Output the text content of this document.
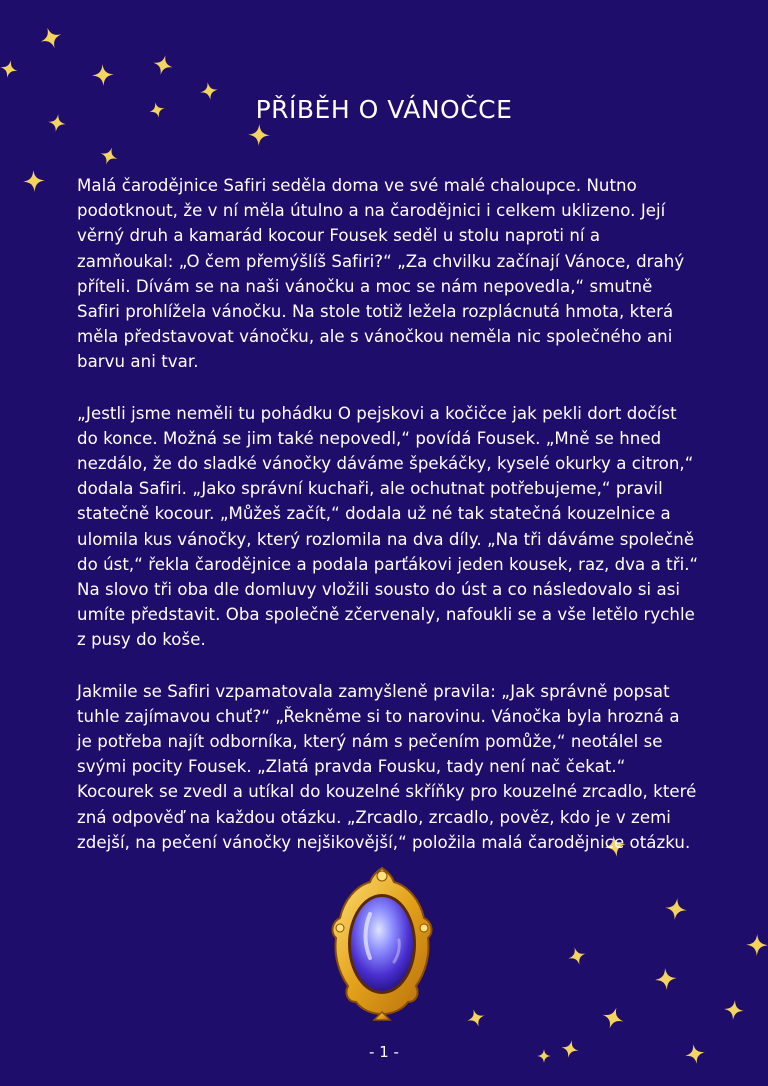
PŘÍBĚH O VÁNOČCE

Malá čarodějnice Safiri seděla doma ve své malé chaloupce. Nutno podotknout, že v ní měla útulno a na čarodějnici i celkem uklizeno. Její věrný druh a kamarád kocour Fousek seděl u stolu naproti ní a zamňoukal: „O čem přemýšlíš Safiri?“ „Za chvilku začínají Vánoce, drahý příteli. Dívám se na naši vánočku a moc se nám nepovedla,“ smutně Safiri prohlížela vánočku. Na stole totiž ležela rozplácnutá hmota, která měla představovat vánočku, ale s vánočkou neměla nic společného ani barvu ani tvar.

„Jestli jsme neměli tu pohádku O pejskovi a kočičce jak pekli dort dočíst do konce. Možná se jim také nepovedl,“ povídá Fousek. „Mně se hned nezdálo, že do sladké vánočky dáváme špekáčky, kyselé okurky a citron,“ dodala Safiri. „Jako správní kuchaři, ale ochutnat potřebujeme,“ pravil statečně kocour. „Můžeš začít,“ dodala už né tak statečná kouzelnice a ulomila kus vánočky, který rozlomila na dva díly. „Na tři dáváme společně do úst,“ řekla čarodějnice a podala parťákovi jeden kousek, raz, dva a tři.“ Na slovo tři oba dle domluvy vložili sousto do úst a co následovalo si asi umíte představit. Oba společně zčervenaly, nafoukli se a vše letělo rychle z pusy do koše.

Jakmile se Safiri vzpamatovala zamyšleně pravila: „Jak správně popsat tuhle zajímavou chuť?“ „Řekněme si to narovinu. Vánočka byla hrozná a je potřeba najít odborníka, který nám s pečením pomůže,“ neotálel se svými pocity Fousek. „Zlatá pravda Fousku, tady není nač čekat.“ Kocourek se zvedl a utíkal do kouzelné skříňky pro kouzelné zrcadlo, které zná odpověď na každou otázku. „Zrcadlo, zrcadlo, pověz, kdo je v zemi zdejší, na pečení vánočky nejšikovější,“ položila malá čarodějnice otázku.

- 1 -
